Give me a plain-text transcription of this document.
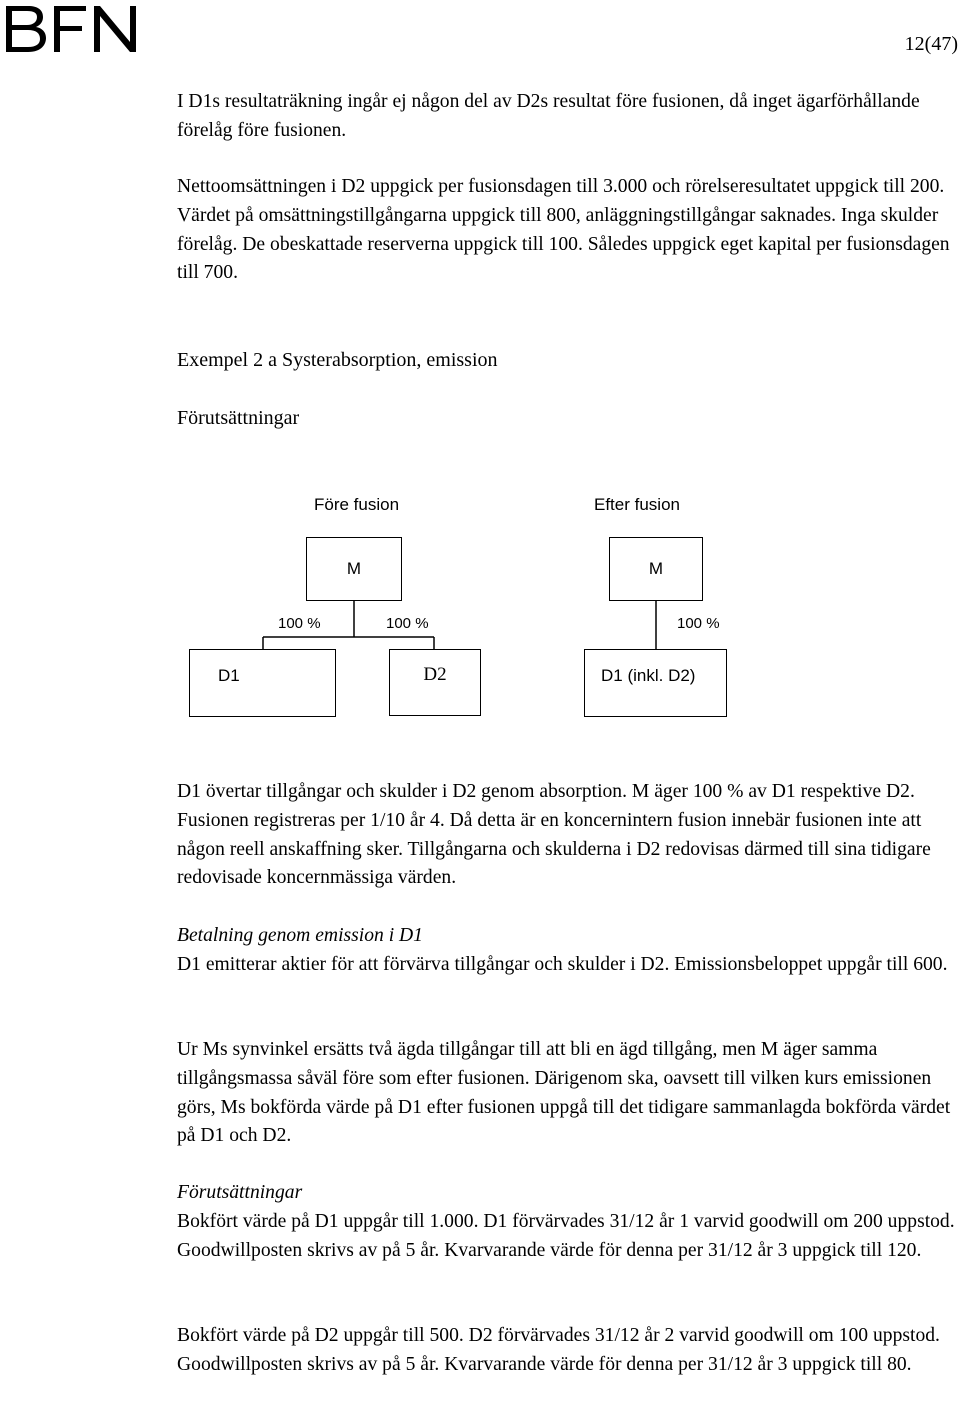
12(47)

I D1s resultaträkning ingår ej någon del av D2s resultat före fusionen, då inget ägarförhållande förelåg före fusionen.

Nettoomsättningen i D2 uppgick per fusionsdagen till 3.000 och rörelseresultatet uppgick till 200. Värdet på omsättningstillgångarna uppgick till 800, anläggningstillgångar saknades. Inga skulder förelåg. De obeskattade reserverna uppgick till 100. Således uppgick eget kapital per fusionsdagen till 700.

Exempel 2 a Systerabsorption, emission
Förutsättningar
Före fusion	Efter fusion
M	M
100 %	100 %	100 %
D1	D2	D1 (inkl. D2)

D1 övertar tillgångar och skulder i D2 genom absorption. M äger 100 % av D1 respektive D2. Fusionen registreras per 1/10 år 4. Då detta är en koncernintern fusion innebär fusionen inte att någon reell anskaffning sker. Tillgångarna och skulderna i D2 redovisas därmed till sina tidigare redovisade koncernmässiga värden.

Betalning genom emission i D1
D1 emitterar aktier för att förvärva tillgångar och skulder i D2. Emissionsbeloppet uppgår till 600.

Ur Ms synvinkel ersätts två ägda tillgångar till att bli en ägd tillgång, men M äger samma tillgångsmassa såväl före som efter fusionen. Därigenom ska, oavsett till vilken kurs emissionen görs, Ms bokförda värde på D1 efter fusionen uppgå till det tidigare sammanlagda bokförda värdet på D1 och D2.

Förutsättningar
Bokfört värde på D1 uppgår till 1.000. D1 förvärvades 31/12 år 1 varvid goodwill om 200 uppstod. Goodwillposten skrivs av på 5 år. Kvarvarande värde för denna per 31/12 år 3 uppgick till 120.

Bokfört värde på D2 uppgår till 500. D2 förvärvades 31/12 år 2 varvid goodwill om 100 uppstod. Goodwillposten skrivs av på 5 år. Kvarvarande värde för denna per 31/12 år 3 uppgick till 80.
